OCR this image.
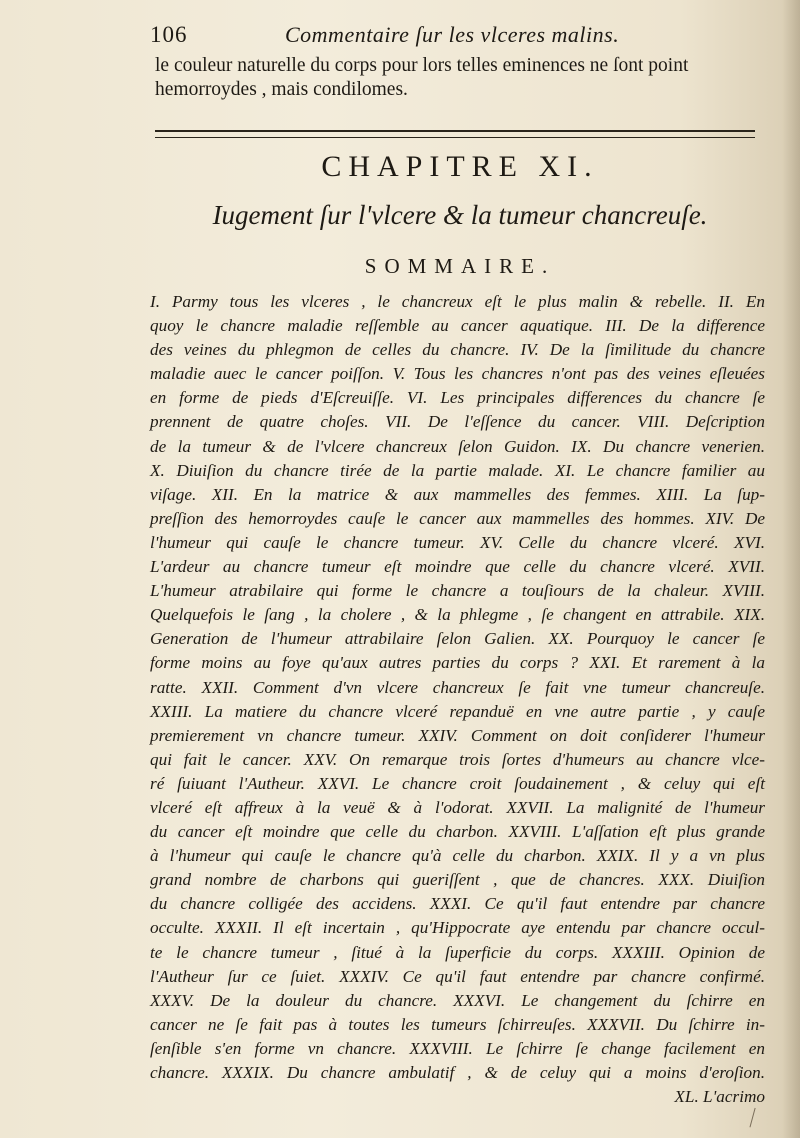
106	Commentaire ſur les vlceres malins.
le couleur naturelle du corps pour lors telles eminences ne ſont point
hemorroydes , mais condilomes.
CHAPITRE XI.
Iugement ſur l'vlcere & la tumeur chancreuſe.
SOMMAIRE.
I. Parmy tous les vlceres , le chancreux eſt le plus malin & rebelle. II. En
quoy le chancre maladie reſſemble au cancer aquatique. III. De la difference
des veines du phlegmon de celles du chancre. IV. De la ſimilitude du chancre
maladie auec le cancer poiſſon. V. Tous les chancres n'ont pas des veines eſleuées
en forme de pieds d'Eſcreuiſſe. VI. Les principales differences du chancre ſe
prennent de quatre choſes. VII. De l'eſſence du cancer. VIII. Deſcription
de la tumeur & de l'vlcere chancreux ſelon Guidon. IX. Du chancre venerien.
X. Diuiſion du chancre tirée de la partie malade. XI. Le chancre familier au
viſage. XII. En la matrice & aux mammelles des femmes. XIII. La ſup-
preſſion des hemorroydes cauſe le cancer aux mammelles des hommes. XIV. De
l'humeur qui cauſe le chancre tumeur. XV. Celle du chancre vlceré. XVI.
L'ardeur au chancre tumeur eſt moindre que celle du chancre vlceré. XVII.
L'humeur atrabilaire qui forme le chancre a touſiours de la chaleur. XVIII.
Quelquefois le ſang , la cholere , & la phlegme , ſe changent en attrabile. XIX.
Generation de l'humeur attrabilaire ſelon Galien. XX. Pourquoy le cancer ſe
forme moins au foye qu'aux autres parties du corps ? XXI. Et rarement à la
ratte. XXII. Comment d'vn vlcere chancreux ſe fait vne tumeur chancreuſe.
XXIII. La matiere du chancre vlceré repanduë en vne autre partie , y cauſe
premierement vn chancre tumeur. XXIV. Comment on doit conſiderer l'humeur
qui fait le cancer. XXV. On remarque trois ſortes d'humeurs au chancre vlce-
ré ſuiuant l'Autheur. XXVI. Le chancre croit ſoudainement , & celuy qui eſt
vlceré eſt affreux à la veuë & à l'odorat. XXVII. La malignité de l'humeur
du cancer eſt moindre que celle du charbon. XXVIII. L'aſſation eſt plus grande
à l'humeur qui cauſe le chancre qu'à celle du charbon. XXIX. Il y a vn plus
grand nombre de charbons qui gueriſſent , que de chancres. XXX. Diuiſion
du chancre colligée des accidens. XXXI. Ce qu'il faut entendre par chancre
occulte. XXXII. Il eſt incertain , qu'Hippocrate aye entendu par chancre occul-
te le chancre tumeur , ſitué à la ſuperficie du corps. XXXIII. Opinion de
l'Autheur ſur ce ſuiet. XXXIV. Ce qu'il faut entendre par chancre confirmé.
XXXV. De la douleur du chancre. XXXVI. Le changement du ſchirre en
cancer ne ſe fait pas à toutes les tumeurs ſchirreuſes. XXXVII. Du ſchirre in-
ſenſible s'en forme vn chancre. XXXVIII. Le ſchirre ſe change facilement en
chancre. XXXIX. Du chancre ambulatif , & de celuy qui a moins d'eroſion.
XL. L'acrimo
